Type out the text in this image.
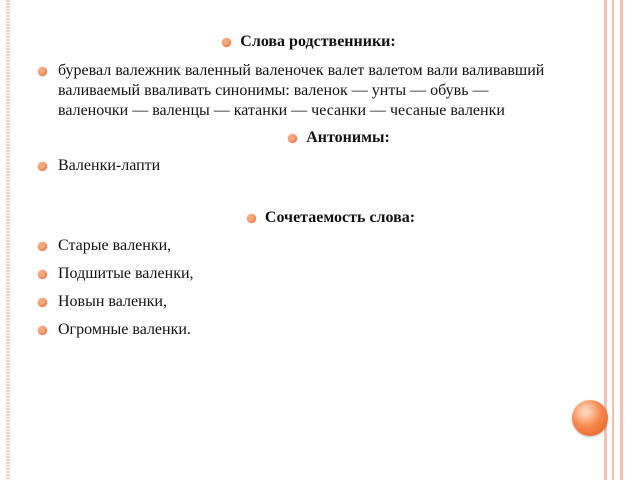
Слова родственники:

буревал валежник валенный валеночек валет валетом вали валивавший валиваемый вваливать синонимы: валенок — унты — обувь — валеночки — валенцы — катанки — чесанки — чесаные валенки

Антонимы:

Валенки-лапти

Сочетаемость слова:

Старые валенки,

Подшитые валенки,

Новын валенки,

Огромные валенки.
